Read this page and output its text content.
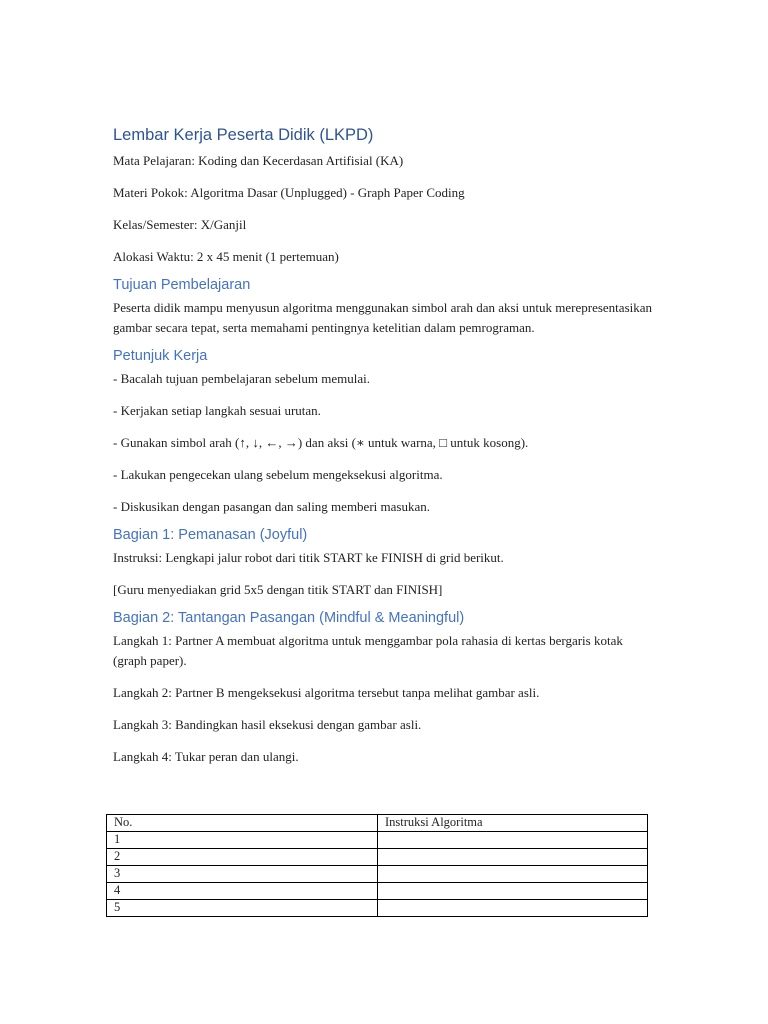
Lembar Kerja Peserta Didik (LKPD)

Mata Pelajaran: Koding dan Kecerdasan Artifisial (KA)

Materi Pokok: Algoritma Dasar (Unplugged) - Graph Paper Coding

Kelas/Semester: X/Ganjil

Alokasi Waktu: 2 x 45 menit (1 pertemuan)

Tujuan Pembelajaran

Peserta didik mampu menyusun algoritma menggunakan simbol arah dan aksi untuk merepresentasikan gambar secara tepat, serta memahami pentingnya ketelitian dalam pemrograman.

Petunjuk Kerja

- Bacalah tujuan pembelajaran sebelum memulai.

- Kerjakan setiap langkah sesuai urutan.

- Gunakan simbol arah (↑, ↓, ←, →) dan aksi (∗ untuk warna, □ untuk kosong).

- Lakukan pengecekan ulang sebelum mengeksekusi algoritma.

- Diskusikan dengan pasangan dan saling memberi masukan.

Bagian 1: Pemanasan (Joyful)

Instruksi: Lengkapi jalur robot dari titik START ke FINISH di grid berikut.

[Guru menyediakan grid 5x5 dengan titik START dan FINISH]

Bagian 2: Tantangan Pasangan (Mindful & Meaningful)

Langkah 1: Partner A membuat algoritma untuk menggambar pola rahasia di kertas bergaris kotak (graph paper).

Langkah 2: Partner B mengeksekusi algoritma tersebut tanpa melihat gambar asli.

Langkah 3: Bandingkan hasil eksekusi dengan gambar asli.

Langkah 4: Tukar peran dan ulangi.

No.	Instruksi Algoritma
1	
2	
3	
4	
5	
